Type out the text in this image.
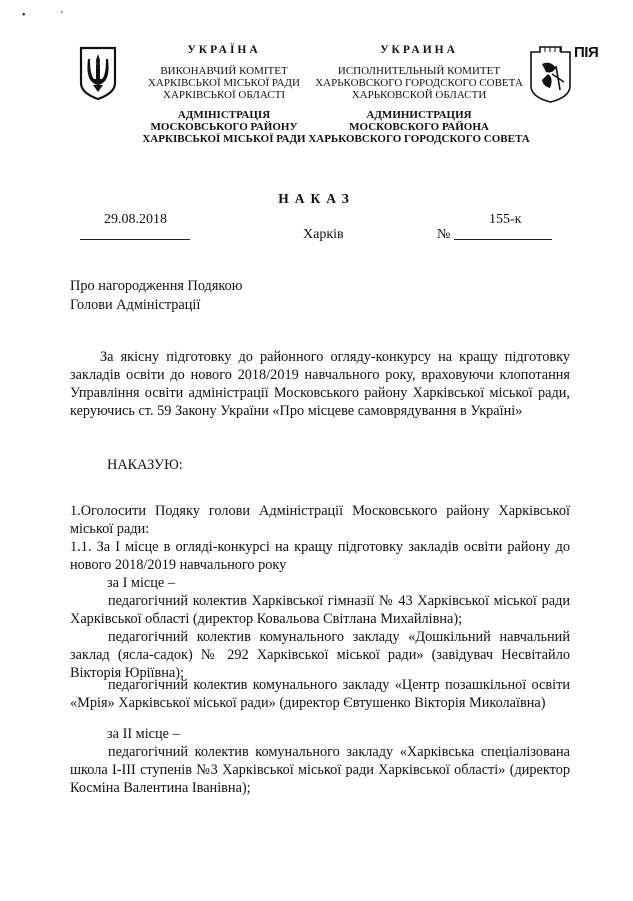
•	'
УКРАЇНА
ВИКОНАВЧИЙ КОМІТЕТ
ХАРКІВСЬКОЇ МІСЬКОЇ РАДИ
ХАРКІВСЬКОЇ ОБЛАСТІ
АДМІНІСТРАЦІЯ
МОСКОВСЬКОГО РАЙОНУ
ХАРКІВСЬКОЇ МІСЬКОЇ РАДИ
УКРАИНА
ИСПОЛНИТЕЛЬНЫЙ КОМИТЕТ
ХАРЬКОВСКОГО ГОРОДСКОГО СОВЕТА
ХАРЬКОВСКОЙ ОБЛАСТИ
АДМИНИСТРАЦИЯ
МОСКОВСКОГО РАЙОНА
ХАРЬКОВСКОГО ГОРОДСКОГО СОВЕТА
ПІЯ
НАКАЗ
29.08.2018
Харків	№
155-к
Про нагородження Подякою
Голови Адміністрації
За якісну підготовку до районного огляду-конкурсу на кращу підготовку закладів освіти до нового 2018/2019 навчального року, враховуючи клопотання Управління освіти адміністрації Московського району Харківської міської ради, керуючись ст. 59 Закону України «Про місцеве самоврядування в Україні»
НАКАЗУЮ:
1.Оголосити Подяку голови Адміністрації Московського району Харківської міської ради:
1.1. За І місце в огляді-конкурсі на кращу підготовку закладів освіти району до нового 2018/2019 навчального року
за І місце –
педагогічний колектив Харківської гімназії № 43 Харківської міської ради Харківської області (директор Ковальова Світлана Михайлівна);
педагогічний колектив комунального закладу «Дошкільний навчальний заклад (ясла-садок) № 292 Харківської міської ради» (завідувач Несвітайло Вікторія Юріївна);
педагогічний колектив комунального закладу «Центр позашкільної освіти «Мрія» Харківської міської ради» (директор Євтушенко Вікторія Миколаївна)
за ІІ місце –
педагогічний колектив комунального закладу «Харківська спеціалізована школа І-ІІІ ступенів №3 Харківської міської ради Харківської області» (директор Косміна Валентина Іванівна);
